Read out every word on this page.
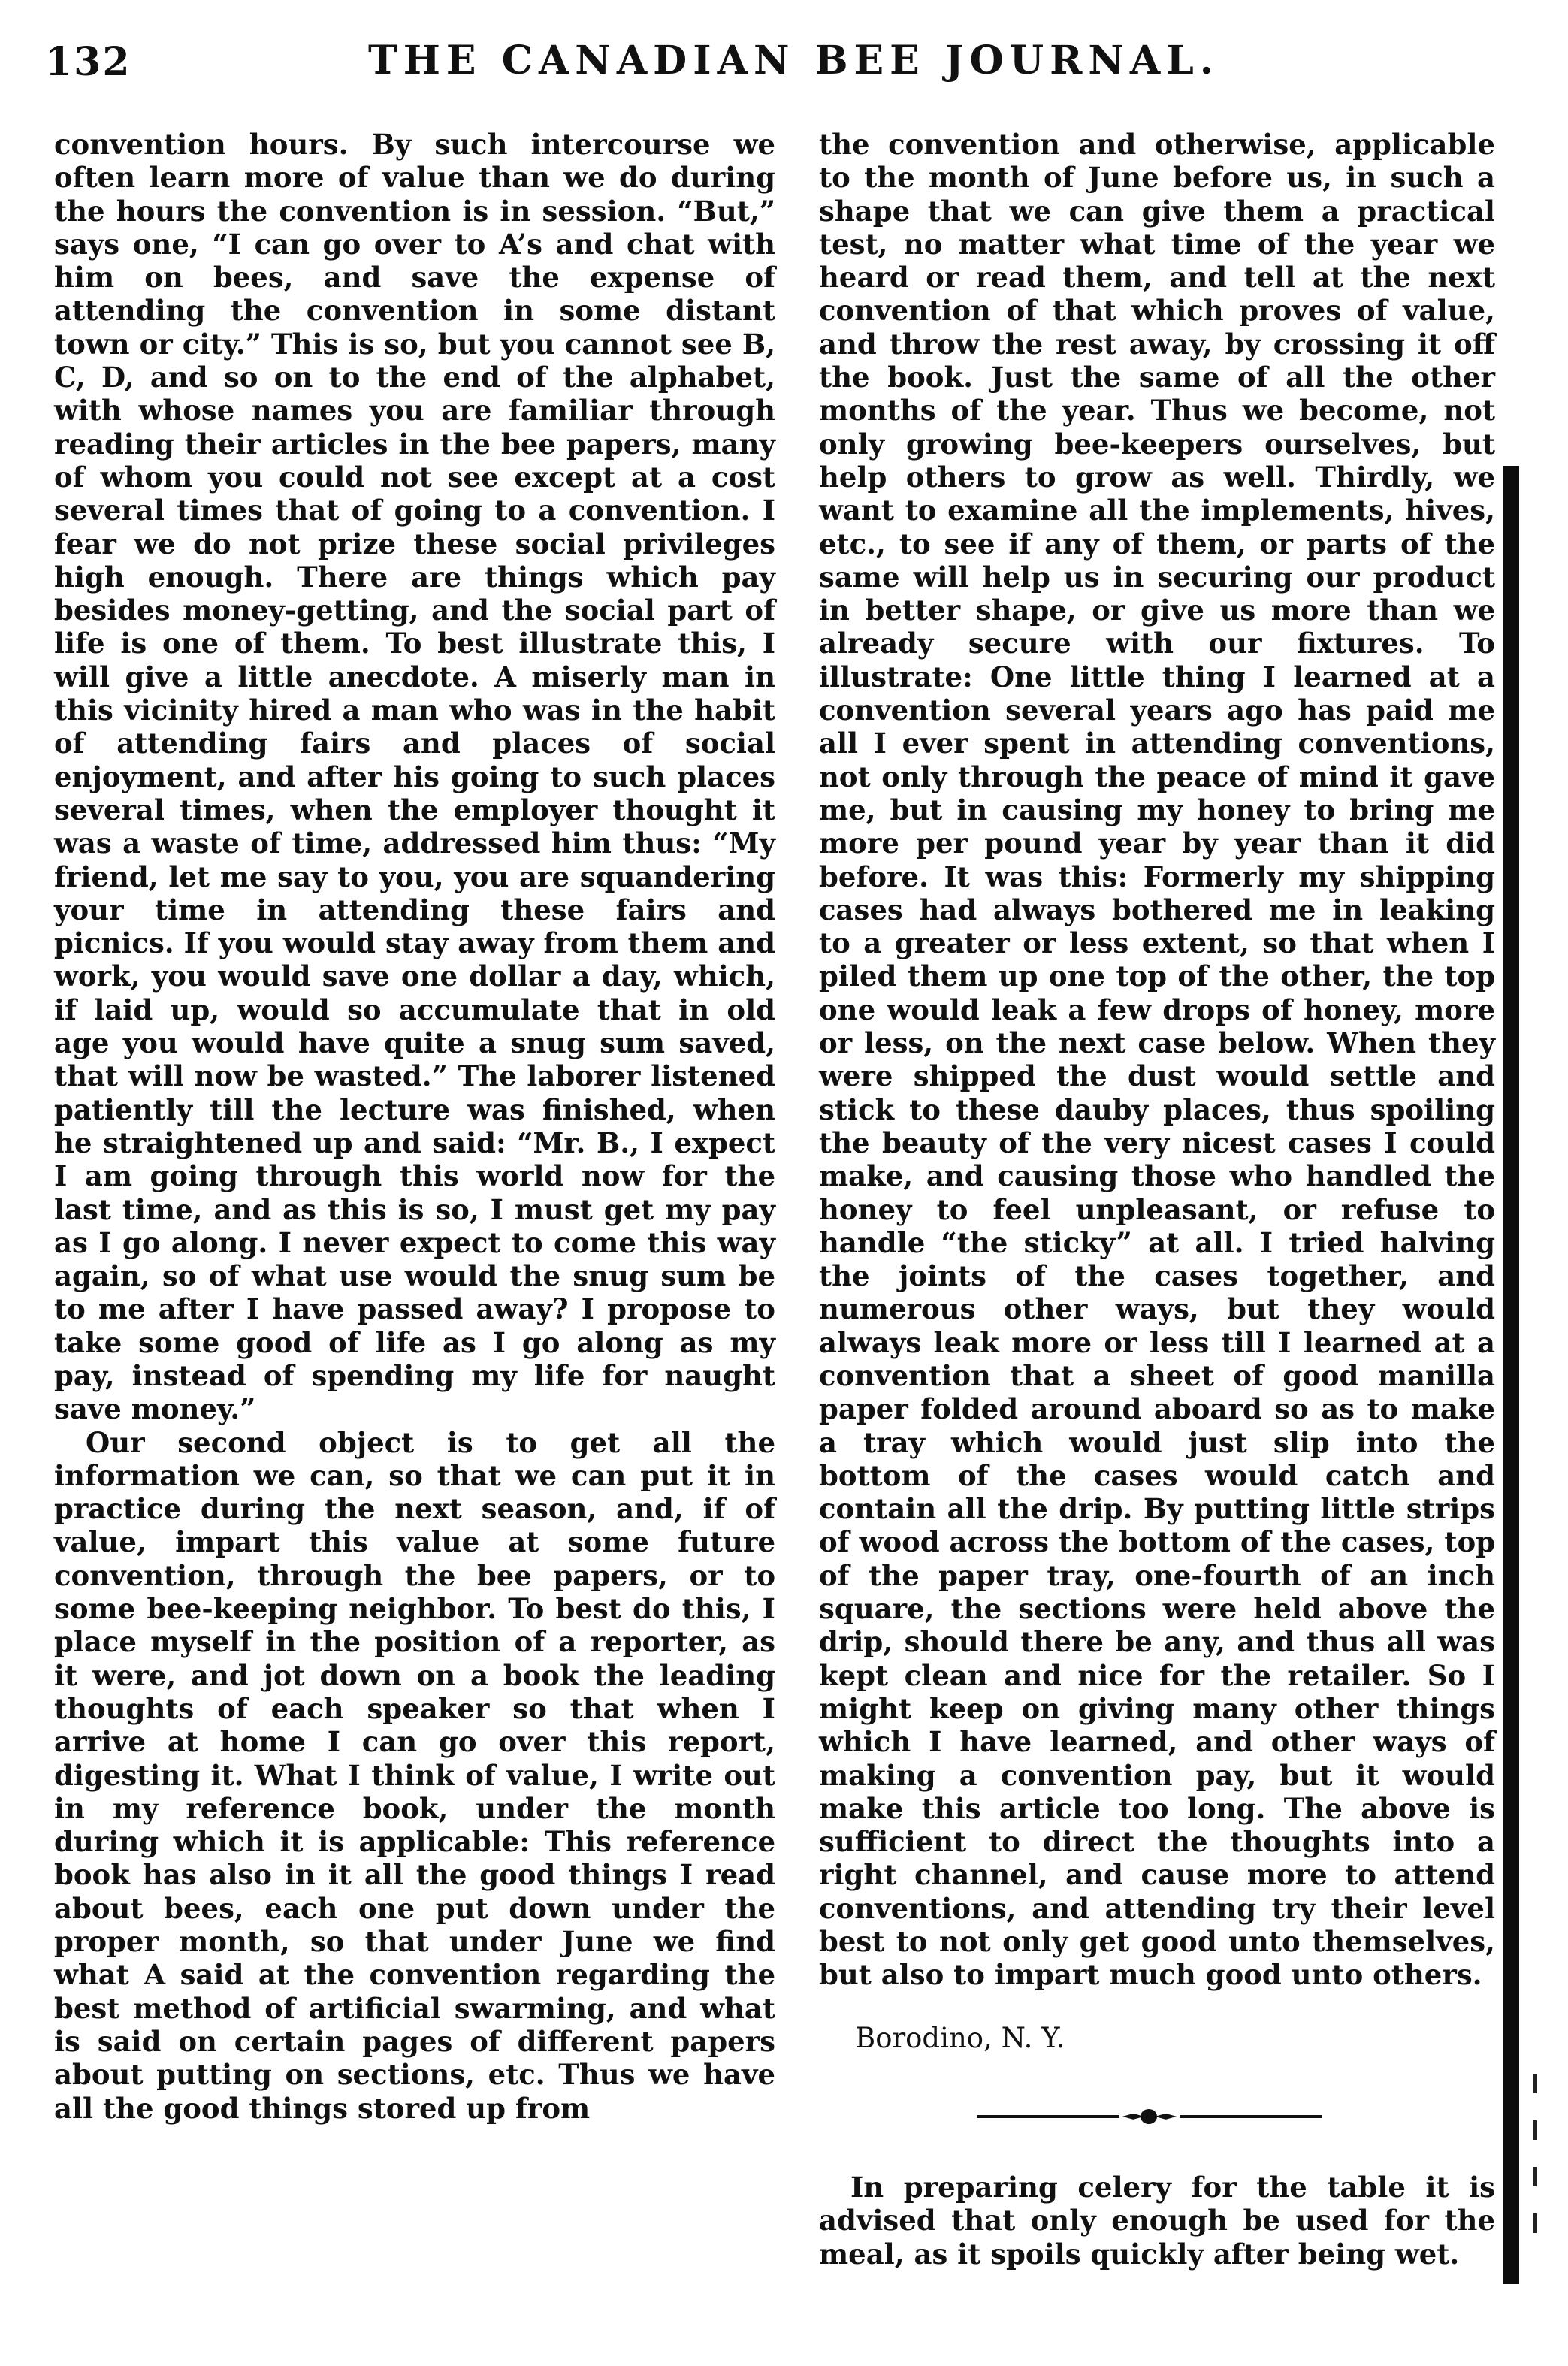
132	THE CANADIAN BEE JOURNAL.

convention hours. By such intercourse we often learn more of value than we do during the hours the convention is in session. “But,” says one, “I can go over to A’s and chat with him on bees, and save the expense of attending the convention in some distant town or city.” This is so, but you cannot see B, C, D, and so on to the end of the alphabet, with whose names you are familiar through reading their articles in the bee papers, many of whom you could not see except at a cost several times that of going to a convention. I fear we do not prize these social privileges high enough. There are things which pay besides money-getting, and the social part of life is one of them. To best illustrate this, I will give a little anecdote. A miserly man in this vicinity hired a man who was in the habit of attending fairs and places of social enjoyment, and after his going to such places several times, when the employer thought it was a waste of time, addressed him thus: “My friend, let me say to you, you are squandering your time in attending these fairs and picnics. If you would stay away from them and work, you would save one dollar a day, which, if laid up, would so accumulate that in old age you would have quite a snug sum saved, that will now be wasted.” The laborer listened patiently till the lecture was finished, when he straightened up and said: “Mr. B., I expect I am going through this world now for the last time, and as this is so, I must get my pay as I go along. I never expect to come this way again, so of what use would the snug sum be to me after I have passed away? I propose to take some good of life as I go along as my pay, instead of spending my life for naught save money.”

Our second object is to get all the information we can, so that we can put it in practice during the next season, and, if of value, impart this value at some future convention, through the bee papers, or to some bee-keeping neighbor. To best do this, I place myself in the position of a reporter, as it were, and jot down on a book the leading thoughts of each speaker so that when I arrive at home I can go over this report, digesting it. What I think of value, I write out in my reference book, under the month during which it is applicable: This reference book has also in it all the good things I read about bees, each one put down under the proper month, so that under June we find what A said at the convention regarding the best method of artificial swarming, and what is said on certain pages of different papers about putting on sections, etc. Thus we have all the good things stored up from

the convention and otherwise, applicable to the month of June before us, in such a shape that we can give them a practical test, no matter what time of the year we heard or read them, and tell at the next convention of that which proves of value, and throw the rest away, by crossing it off the book. Just the same of all the other months of the year. Thus we become, not only growing bee-keepers ourselves, but help others to grow as well. Thirdly, we want to examine all the implements, hives, etc., to see if any of them, or parts of the same will help us in securing our product in better shape, or give us more than we already secure with our fixtures. To illustrate: One little thing I learned at a convention several years ago has paid me all I ever spent in attending conventions, not only through the peace of mind it gave me, but in causing my honey to bring me more per pound year by year than it did before. It was this: Formerly my shipping cases had always bothered me in leaking to a greater or less extent, so that when I piled them up one top of the other, the top one would leak a few drops of honey, more or less, on the next case below. When they were shipped the dust would settle and stick to these dauby places, thus spoiling the beauty of the very nicest cases I could make, and causing those who handled the honey to feel unpleasant, or refuse to handle “the sticky” at all. I tried halving the joints of the cases together, and numerous other ways, but they would always leak more or less till I learned at a convention that a sheet of good manilla paper folded around aboard so as to make a tray which would just slip into the bottom of the cases would catch and contain all the drip. By putting little strips of wood across the bottom of the cases, top of the paper tray, one-fourth of an inch square, the sections were held above the drip, should there be any, and thus all was kept clean and nice for the retailer. So I might keep on giving many other things which I have learned, and other ways of making a convention pay, but it would make this article too long. The above is sufficient to direct the thoughts into a right channel, and cause more to attend conventions, and attending try their level best to not only get good unto themselves, but also to impart much good unto others.

Borodino, N. Y.

In preparing celery for the table it is advised that only enough be used for the meal, as it spoils quickly after being wet.
